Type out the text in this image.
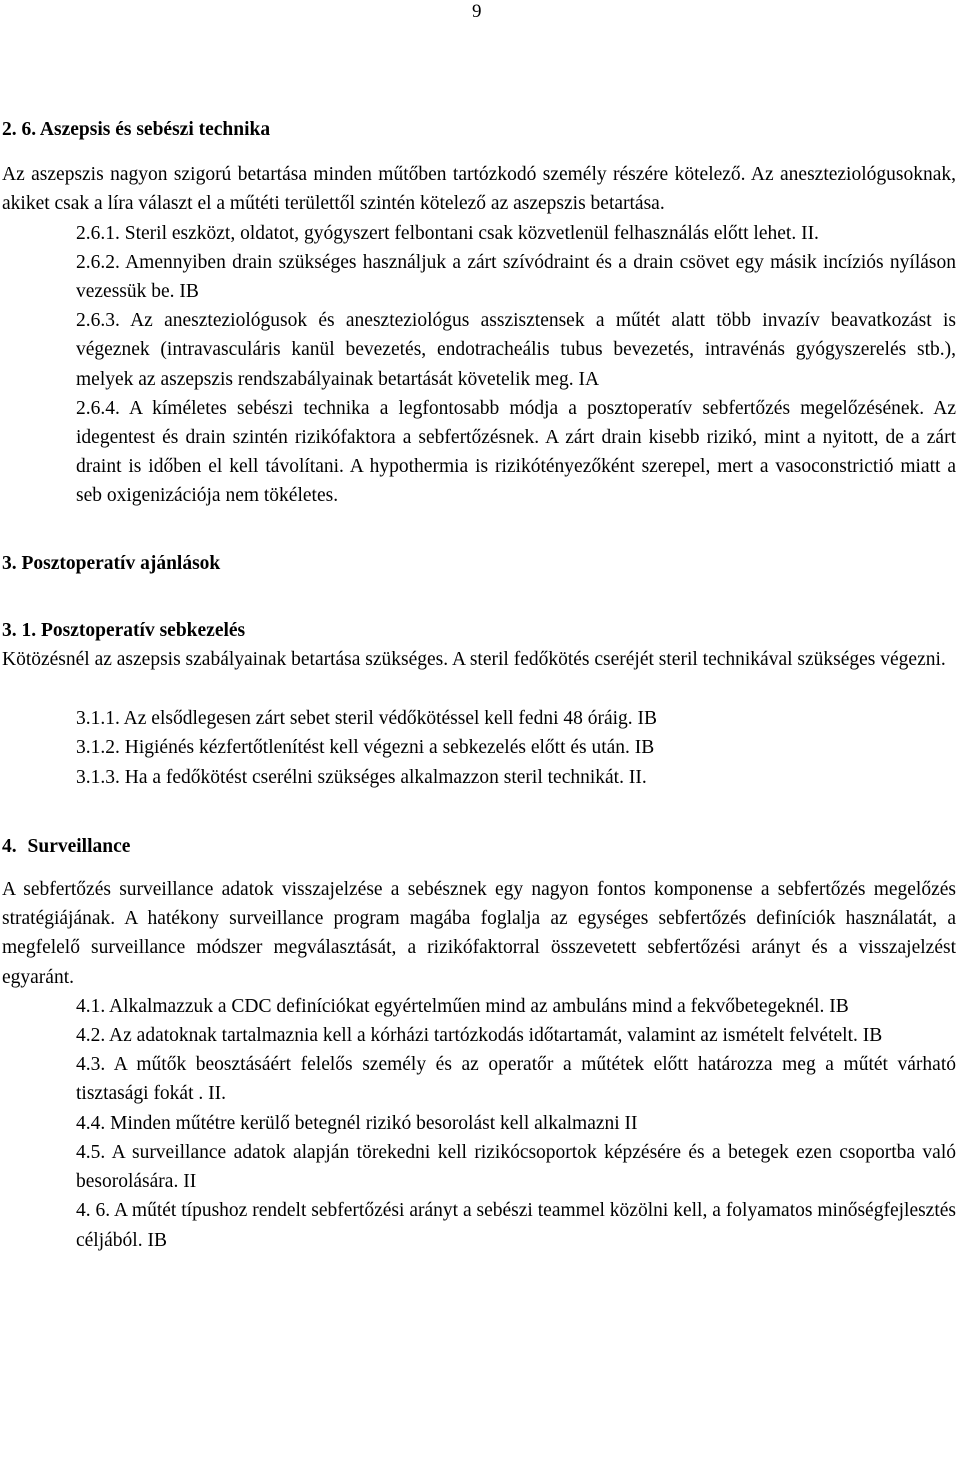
9
2. 6. Aszepsis és sebészi technika

Az aszepszis nagyon szigorú betartása minden műtőben tartózkodó személy részére kötelező. Az aneszteziológusoknak, akiket csak a líra választ el a műtéti területtől szintén kötelező az aszepszis betartása.

2.6.1. Steril eszközt, oldatot, gyógyszert felbontani csak közvetlenül felhasználás előtt lehet. II.

2.6.2. Amennyiben drain szükséges használjuk a zárt szívódraint és a drain csövet egy másik incíziós nyíláson vezessük be. IB

2.6.3. Az aneszteziológusok és aneszteziológus asszisztensek a műtét alatt több invazív beavatkozást is végeznek (intravasculáris kanül bevezetés, endotracheális tubus bevezetés, intravénás gyógyszerelés stb.), melyek az aszepszis rendszabályainak betartását követelik meg. IA

2.6.4. A kíméletes sebészi technika a legfontosabb módja a posztoperatív sebfertőzés megelőzésének. Az idegentest és drain szintén rizikófaktora a sebfertőzésnek. A zárt drain kisebb rizikó, mint a nyitott, de a zárt draint is időben el kell távolítani. A hypothermia is rizikótényezőként szerepel, mert a vasoconstrictió miatt a seb oxigenizációja nem tökéletes.

3. Posztoperatív ajánlások
3. 1. Posztoperatív sebkezelés

Kötözésnél az aszepsis szabályainak betartása szükséges. A steril fedőkötés cseréjét steril technikával szükséges végezni.

3.1.1. Az elsődlegesen zárt sebet steril védőkötéssel kell fedni 48 óráig. IB
3.1.2. Higiénés kézfertőtlenítést kell végezni a sebkezelés előtt és után. IB
3.1.3. Ha a fedőkötést cserélni szükséges alkalmazzon steril technikát. II.
4. Surveillance

A sebfertőzés surveillance adatok visszajelzése a sebésznek egy nagyon fontos komponense a sebfertőzés megelőzés stratégiájának. A hatékony surveillance program magába foglalja az egységes sebfertőzés definíciók használatát, a megfelelő surveillance módszer megválasztását, a rizikófaktorral összevetett sebfertőzési arányt és a visszajelzést egyaránt.

4.1. Alkalmazzuk a CDC definíciókat egyértelműen mind az ambuláns mind a fekvőbetegeknél. IB

4.2. Az adatoknak tartalmaznia kell a kórházi tartózkodás időtartamát, valamint az ismételt felvételt. IB

4.3. A műtők beosztásáért felelős személy és az operatőr a műtétek előtt határozza meg a műtét várható tisztasági fokát . II.

4.4. Minden műtétre kerülő betegnél rizikó besorolást kell alkalmazni II

4.5. A surveillance adatok alapján törekedni kell rizikócsoportok képzésére és a betegek ezen csoportba való besorolására. II

4. 6. A műtét típushoz rendelt sebfertőzési arányt a sebészi teammel közölni kell, a folyamatos minőségfejlesztés céljából. IB
